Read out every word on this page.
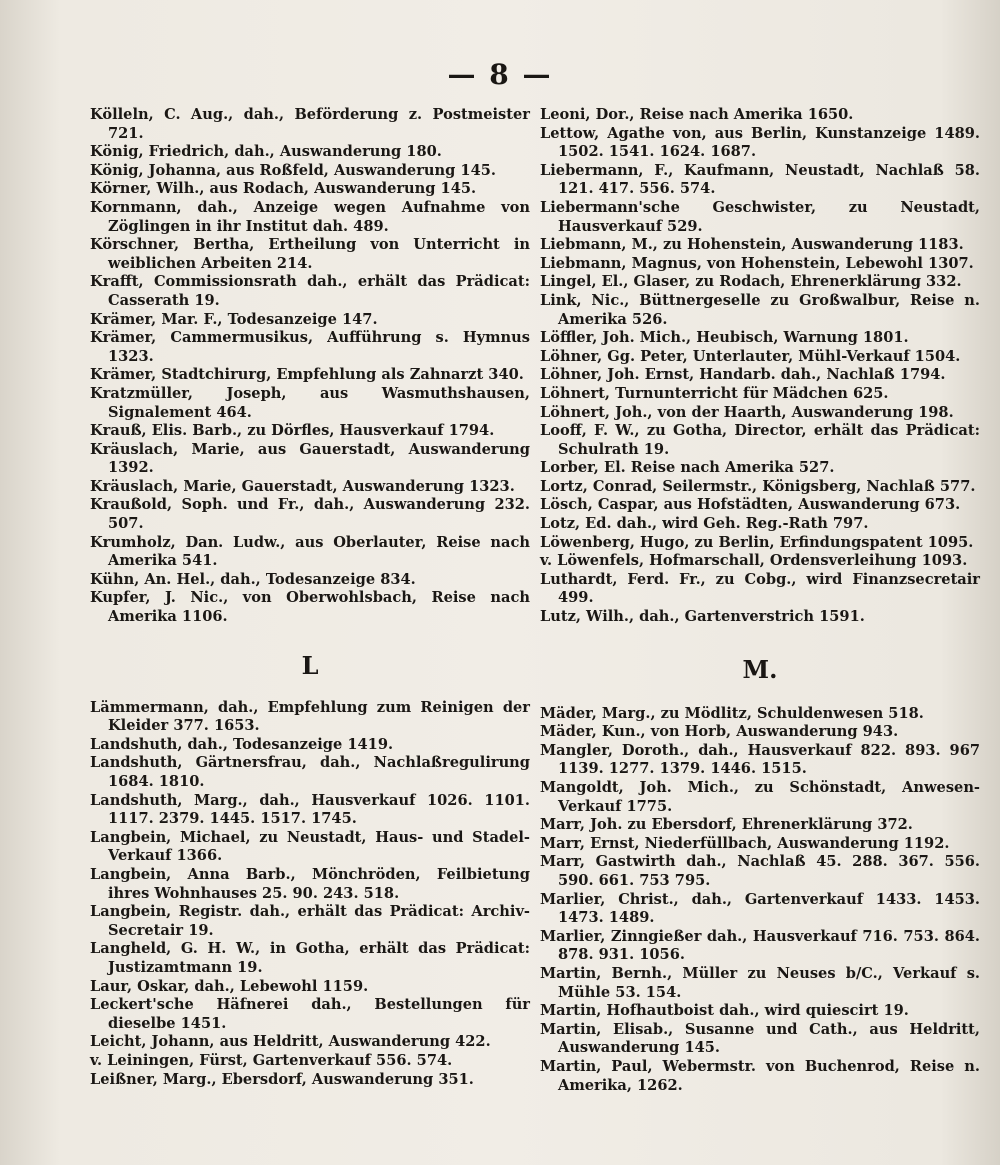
— 8 —

Kölleln, C. Aug., dah., Beförderung z. Postmeister 721.

König, Friedrich, dah., Auswanderung 180.

König, Johanna, aus Roßfeld, Auswanderung 145.

Körner, Wilh., aus Rodach, Auswanderung 145.

Kornmann, dah., Anzeige wegen Aufnahme von Zöglingen in ihr Institut dah. 489.

Körschner, Bertha, Ertheilung von Unterricht in weiblichen Arbeiten 214.

Krafft, Commissionsrath dah., erhält das Prädicat: Casserath 19.

Krämer, Mar. F., Todesanzeige 147.

Krämer, Cammermusikus, Aufführung s. Hymnus 1323.

Krämer, Stadtchirurg, Empfehlung als Zahnarzt 340.

Kratzmüller, Joseph, aus Wasmuthshausen, Signalement 464.

Krauß, Elis. Barb., zu Dörfles, Hausverkauf 1794.

Kräuslach, Marie, aus Gauerstadt, Auswanderung 1392.

Kräuslach, Marie, Gauerstadt, Auswanderung 1323.

Kraußold, Soph. und Fr., dah., Auswanderung 232. 507.

Krumholz, Dan. Ludw., aus Oberlauter, Reise nach Amerika 541.

Kühn, An. Hel., dah., Todesanzeige 834.

Kupfer, J. Nic., von Oberwohlsbach, Reise nach Amerika 1106.

L

Lämmermann, dah., Empfehlung zum Reinigen der Kleider 377. 1653.

Landshuth, dah., Todesanzeige 1419.

Landshuth, Gärtnersfrau, dah., Nachlaßregulirung 1684. 1810.

Landshuth, Marg., dah., Hausverkauf 1026. 1101. 1117. 2379. 1445. 1517. 1745.

Langbein, Michael, zu Neustadt, Haus- und Stadel-Verkauf 1366.

Langbein, Anna Barb., Mönchröden, Feilbietung ihres Wohnhauses 25. 90. 243. 518.

Langbein, Registr. dah., erhält das Prädicat: Archiv-Secretair 19.

Langheld, G. H. W., in Gotha, erhält das Prädicat: Justizamtmann 19.

Laur, Oskar, dah., Lebewohl 1159.

Leckert'sche Häfnerei dah., Bestellungen für dieselbe 1451.

Leicht, Johann, aus Heldritt, Auswanderung 422.

v. Leiningen, Fürst, Gartenverkauf 556. 574.

Leißner, Marg., Ebersdorf, Auswanderung 351.

Leoni, Dor., Reise nach Amerika 1650.

Lettow, Agathe von, aus Berlin, Kunstanzeige 1489. 1502. 1541. 1624. 1687.

Liebermann, F., Kaufmann, Neustadt, Nachlaß 58. 121. 417. 556. 574.

Liebermann'sche Geschwister, zu Neustadt, Hausverkauf 529.

Liebmann, M., zu Hohenstein, Auswanderung 1183.

Liebmann, Magnus, von Hohenstein, Lebewohl 1307.

Lingel, El., Glaser, zu Rodach, Ehrenerklärung 332.

Link, Nic., Büttnergeselle zu Großwalbur, Reise n. Amerika 526.

Löffler, Joh. Mich., Heubisch, Warnung 1801.

Löhner, Gg. Peter, Unterlauter, Mühl-Verkauf 1504.

Löhner, Joh. Ernst, Handarb. dah., Nachlaß 1794.

Löhnert, Turnunterricht für Mädchen 625.

Löhnert, Joh., von der Haarth, Auswanderung 198.

Looff, F. W., zu Gotha, Director, erhält das Prädicat: Schulrath 19.

Lorber, El. Reise nach Amerika 527.

Lortz, Conrad, Seilermstr., Königsberg, Nachlaß 577.

Lösch, Caspar, aus Hofstädten, Auswanderung 673.

Lotz, Ed. dah., wird Geh. Reg.-Rath 797.

Löwenberg, Hugo, zu Berlin, Erfindungspatent 1095.

v. Löwenfels, Hofmarschall, Ordensverleihung 1093.

Luthardt, Ferd. Fr., zu Cobg., wird Finanzsecretair 499.

Lutz, Wilh., dah., Gartenverstrich 1591.

M.

Mäder, Marg., zu Mödlitz, Schuldenwesen 518.

Mäder, Kun., von Horb, Auswanderung 943.

Mangler, Doroth., dah., Hausverkauf 822. 893. 967 1139. 1277. 1379. 1446. 1515.

Mangoldt, Joh. Mich., zu Schönstadt, Anwesen-Verkauf 1775.

Marr, Joh. zu Ebersdorf, Ehrenerklärung 372.

Marr, Ernst, Niederfüllbach, Auswanderung 1192.

Marr, Gastwirth dah., Nachlaß 45. 288. 367. 556. 590. 661. 753 795.

Marlier, Christ., dah., Gartenverkauf 1433. 1453. 1473. 1489.

Marlier, Zinngießer dah., Hausverkauf 716. 753. 864. 878. 931. 1056.

Martin, Bernh., Müller zu Neuses b/C., Verkauf s. Mühle 53. 154.

Martin, Hofhautboist dah., wird quiescirt 19.

Martin, Elisab., Susanne und Cath., aus Heldritt, Auswanderung 145.

Martin, Paul, Webermstr. von Buchenrod, Reise n. Amerika, 1262.
